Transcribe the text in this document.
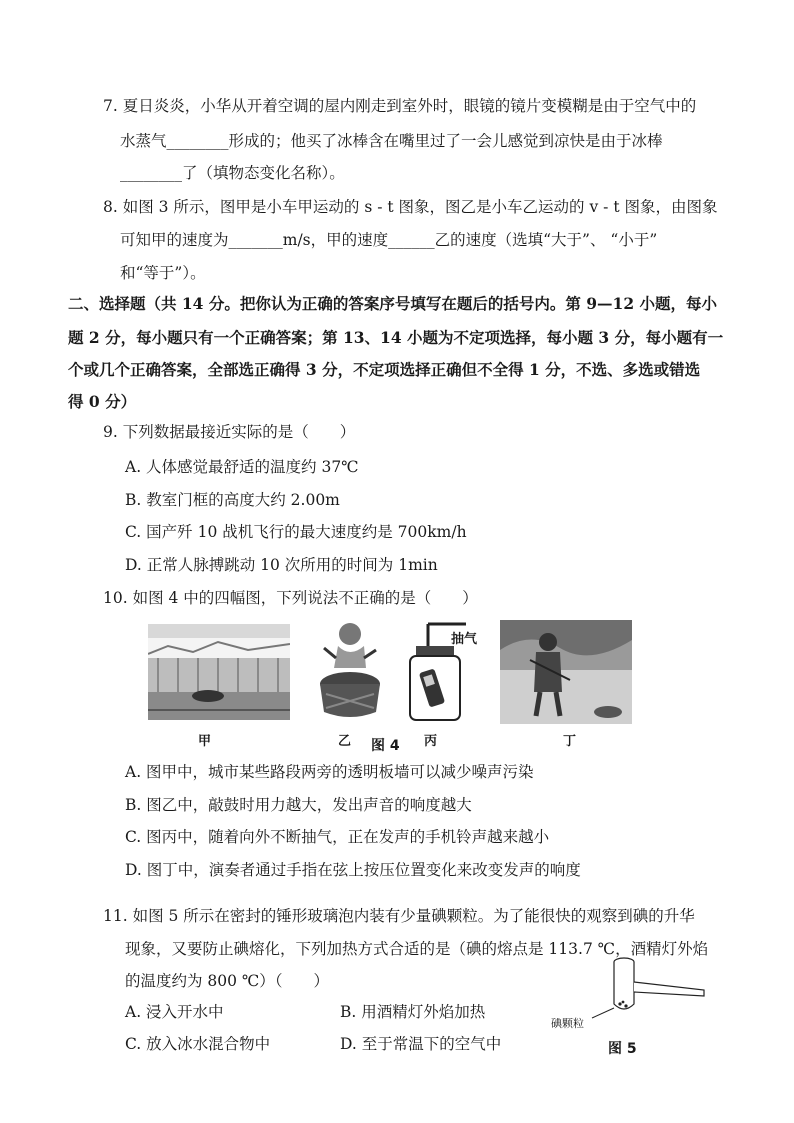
7. 夏日炎炎，小华从开着空调的屋内刚走到室外时，眼镜的镜片变模糊是由于空气中的
水蒸气________形成的；他买了冰棒含在嘴里过了一会儿感觉到凉快是由于冰棒
________了（填物态变化名称）。
8. 如图 3 所示，图甲是小车甲运动的 s - t 图象，图乙是小车乙运动的 v - t 图象，由图象
可知甲的速度为_______m/s，甲的速度______乙的速度（选填“大于”、 “小于”
和“等于”）。
二、选择题（共 14 分。把你认为正确的答案序号填写在题后的括号内。第 9—12 小题，每小
题 2 分，每小题只有一个正确答案；第 13、14 小题为不定项选择，每小题 3 分，每小题有一
个或几个正确答案，全部选正确得 3 分，不定项选择正确但不全得 1 分，不选、多选或错选
得 0 分）
9. 下列数据最接近实际的是（　　）
A. 人体感觉最舒适的温度约 37℃
B. 教室门框的高度大约 2.00m
C. 国产歼 10 战机飞行的最大速度约是 700km/h
D. 正常人脉搏跳动 10 次所用的时间为 1min
10. 如图 4 中的四幅图，下列说法不正确的是（　　）
抽气
甲	乙 图 4 丙	丁
A. 图甲中，城市某些路段两旁的透明板墙可以减少噪声污染
B. 图乙中，敲鼓时用力越大，发出声音的响度越大
C. 图丙中，随着向外不断抽气，正在发声的手机铃声越来越小
D. 图丁中，演奏者通过手指在弦上按压位置变化来改变发声的响度
11. 如图 5 所示在密封的锤形玻璃泡内装有少量碘颗粒。为了能很快的观察到碘的升华
现象，又要防止碘熔化，下列加热方式合适的是（碘的熔点是 113.7 ℃，酒精灯外焰
的温度约为 800 ℃）（　　）
A. 浸入开水中	B. 用酒精灯外焰加热
C. 放入冰水混合物中	D. 至于常温下的空气中
碘颗粒
图 5
